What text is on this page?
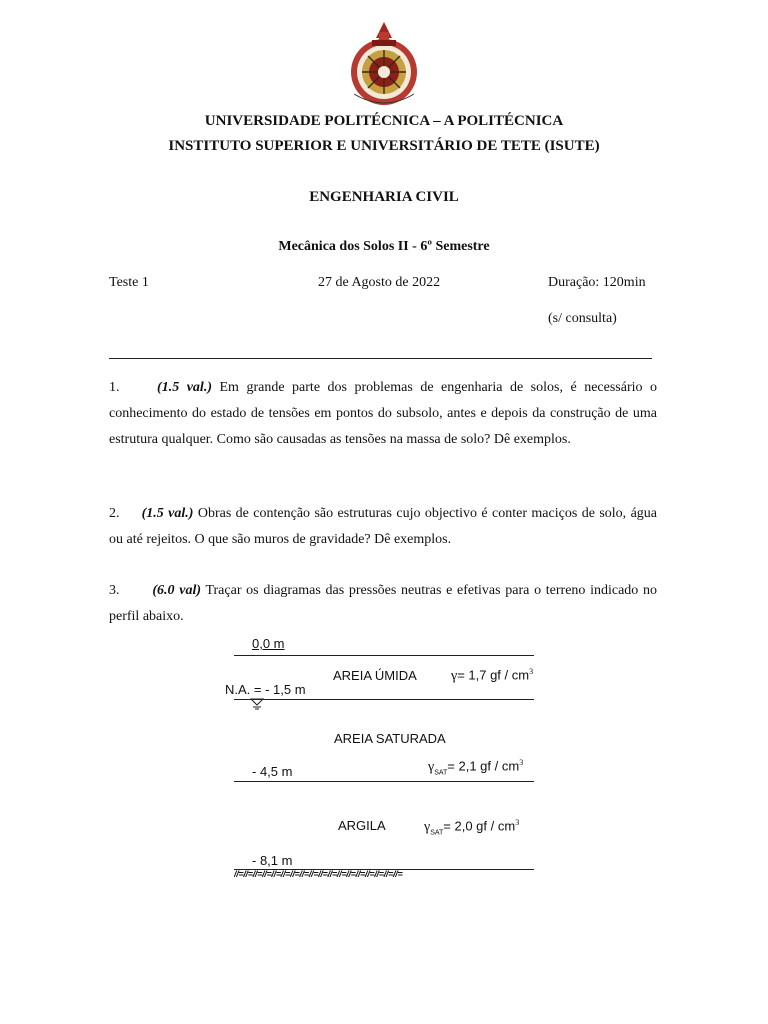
UNIVERSIDADE POLITÉCNICA – A POLITÉCNICA
INSTITUTO SUPERIOR E UNIVERSITÁRIO DE TETE (ISUTE)
ENGENHARIA CIVIL
Mecânica dos Solos II - 6º Semestre
Teste 1	27 de Agosto de 2022	Duração: 120min
(s/ consulta)
1.	(1.5 val.) Em grande parte dos problemas de engenharia de solos, é necessário o conhecimento do estado de tensões em pontos do subsolo, antes e depois da construção de uma estrutura qualquer. Como são causadas as tensões na massa de solo? Dê exemplos.
2. (1.5 val.) Obras de contenção são estruturas cujo objectivo é conter maciços de solo, água ou até rejeitos. O que são muros de gravidade? Dê exemplos.
3. (6.0 val) Traçar os diagramas das pressões neutras e efetivas para o terreno indicado no perfil abaixo.
0,0 m
AREIA ÚMIDA γ= 1,7 gf / $cm^3$
N.A. = - 1,5 m
AREIA SATURADA
$\gamma_{SAT}= 2,1$ gf / $cm^3$
- 4,5 m
ARGILA	$\gamma_{SAT}= 2,0$ gf / $cm^3$
- 8,1 m
//=//=//=//=//=//=//=//=//=//=//=//=//=//=//=//=//=//=
